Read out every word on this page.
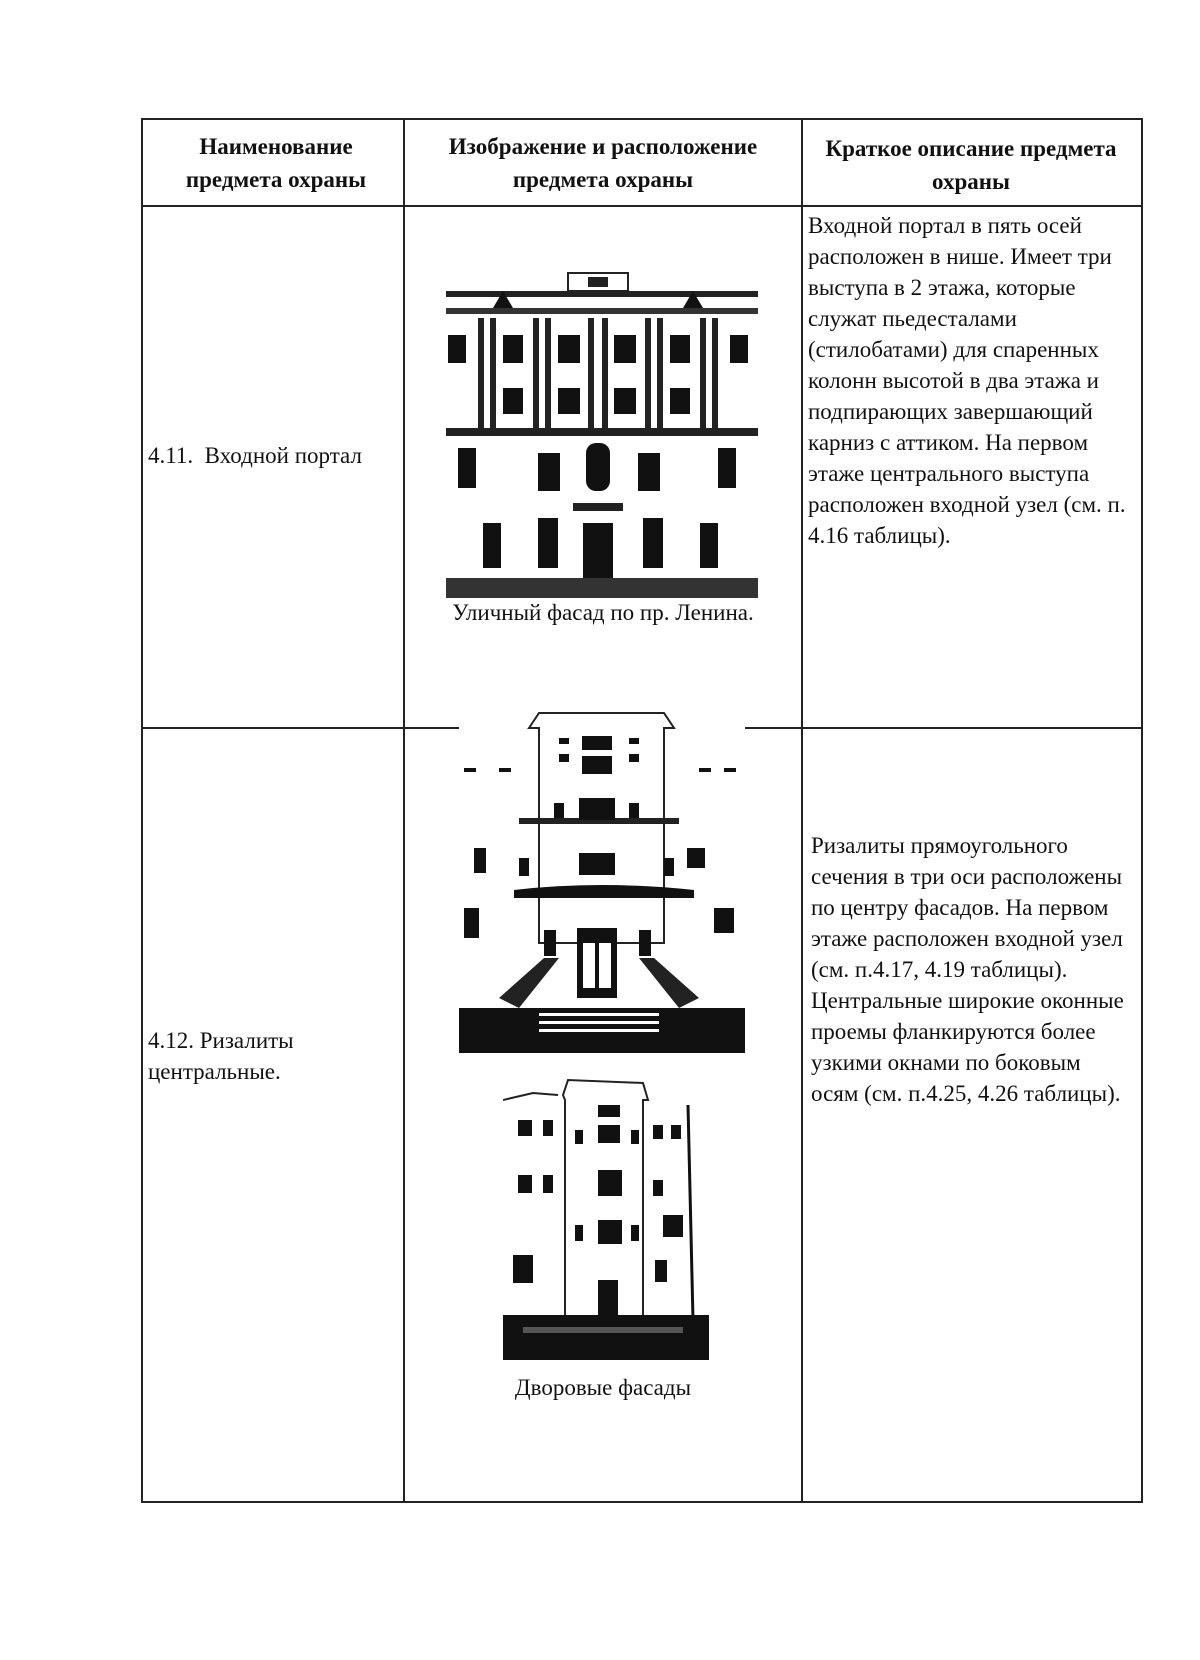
Наименование предмета охраны
Изображение и расположение предмета охраны
Краткое описание предмета охраны
4.11.  Входной портал
Уличный фасад по пр. Ленина.
Входной портал в пять осей расположен в нише. Имеет три выступа в 2 этажа, которые служат пьедесталами (стилобатами) для спаренных колонн высотой в два этажа и подпирающих завершающий карниз с аттиком. На первом этаже центрального выступа расположен входной узел (см. п. 4.16 таблицы).
4.12. Ризалиты центральные.
Дворовые фасады
Ризалиты прямоугольного сечения в три оси расположены по центру фасадов. На первом этаже расположен входной узел (см. п.4.17, 4.19 таблицы). Центральные широкие оконные проемы фланкируются более узкими окнами по боковым осям (см. п.4.25, 4.26 таблицы).
